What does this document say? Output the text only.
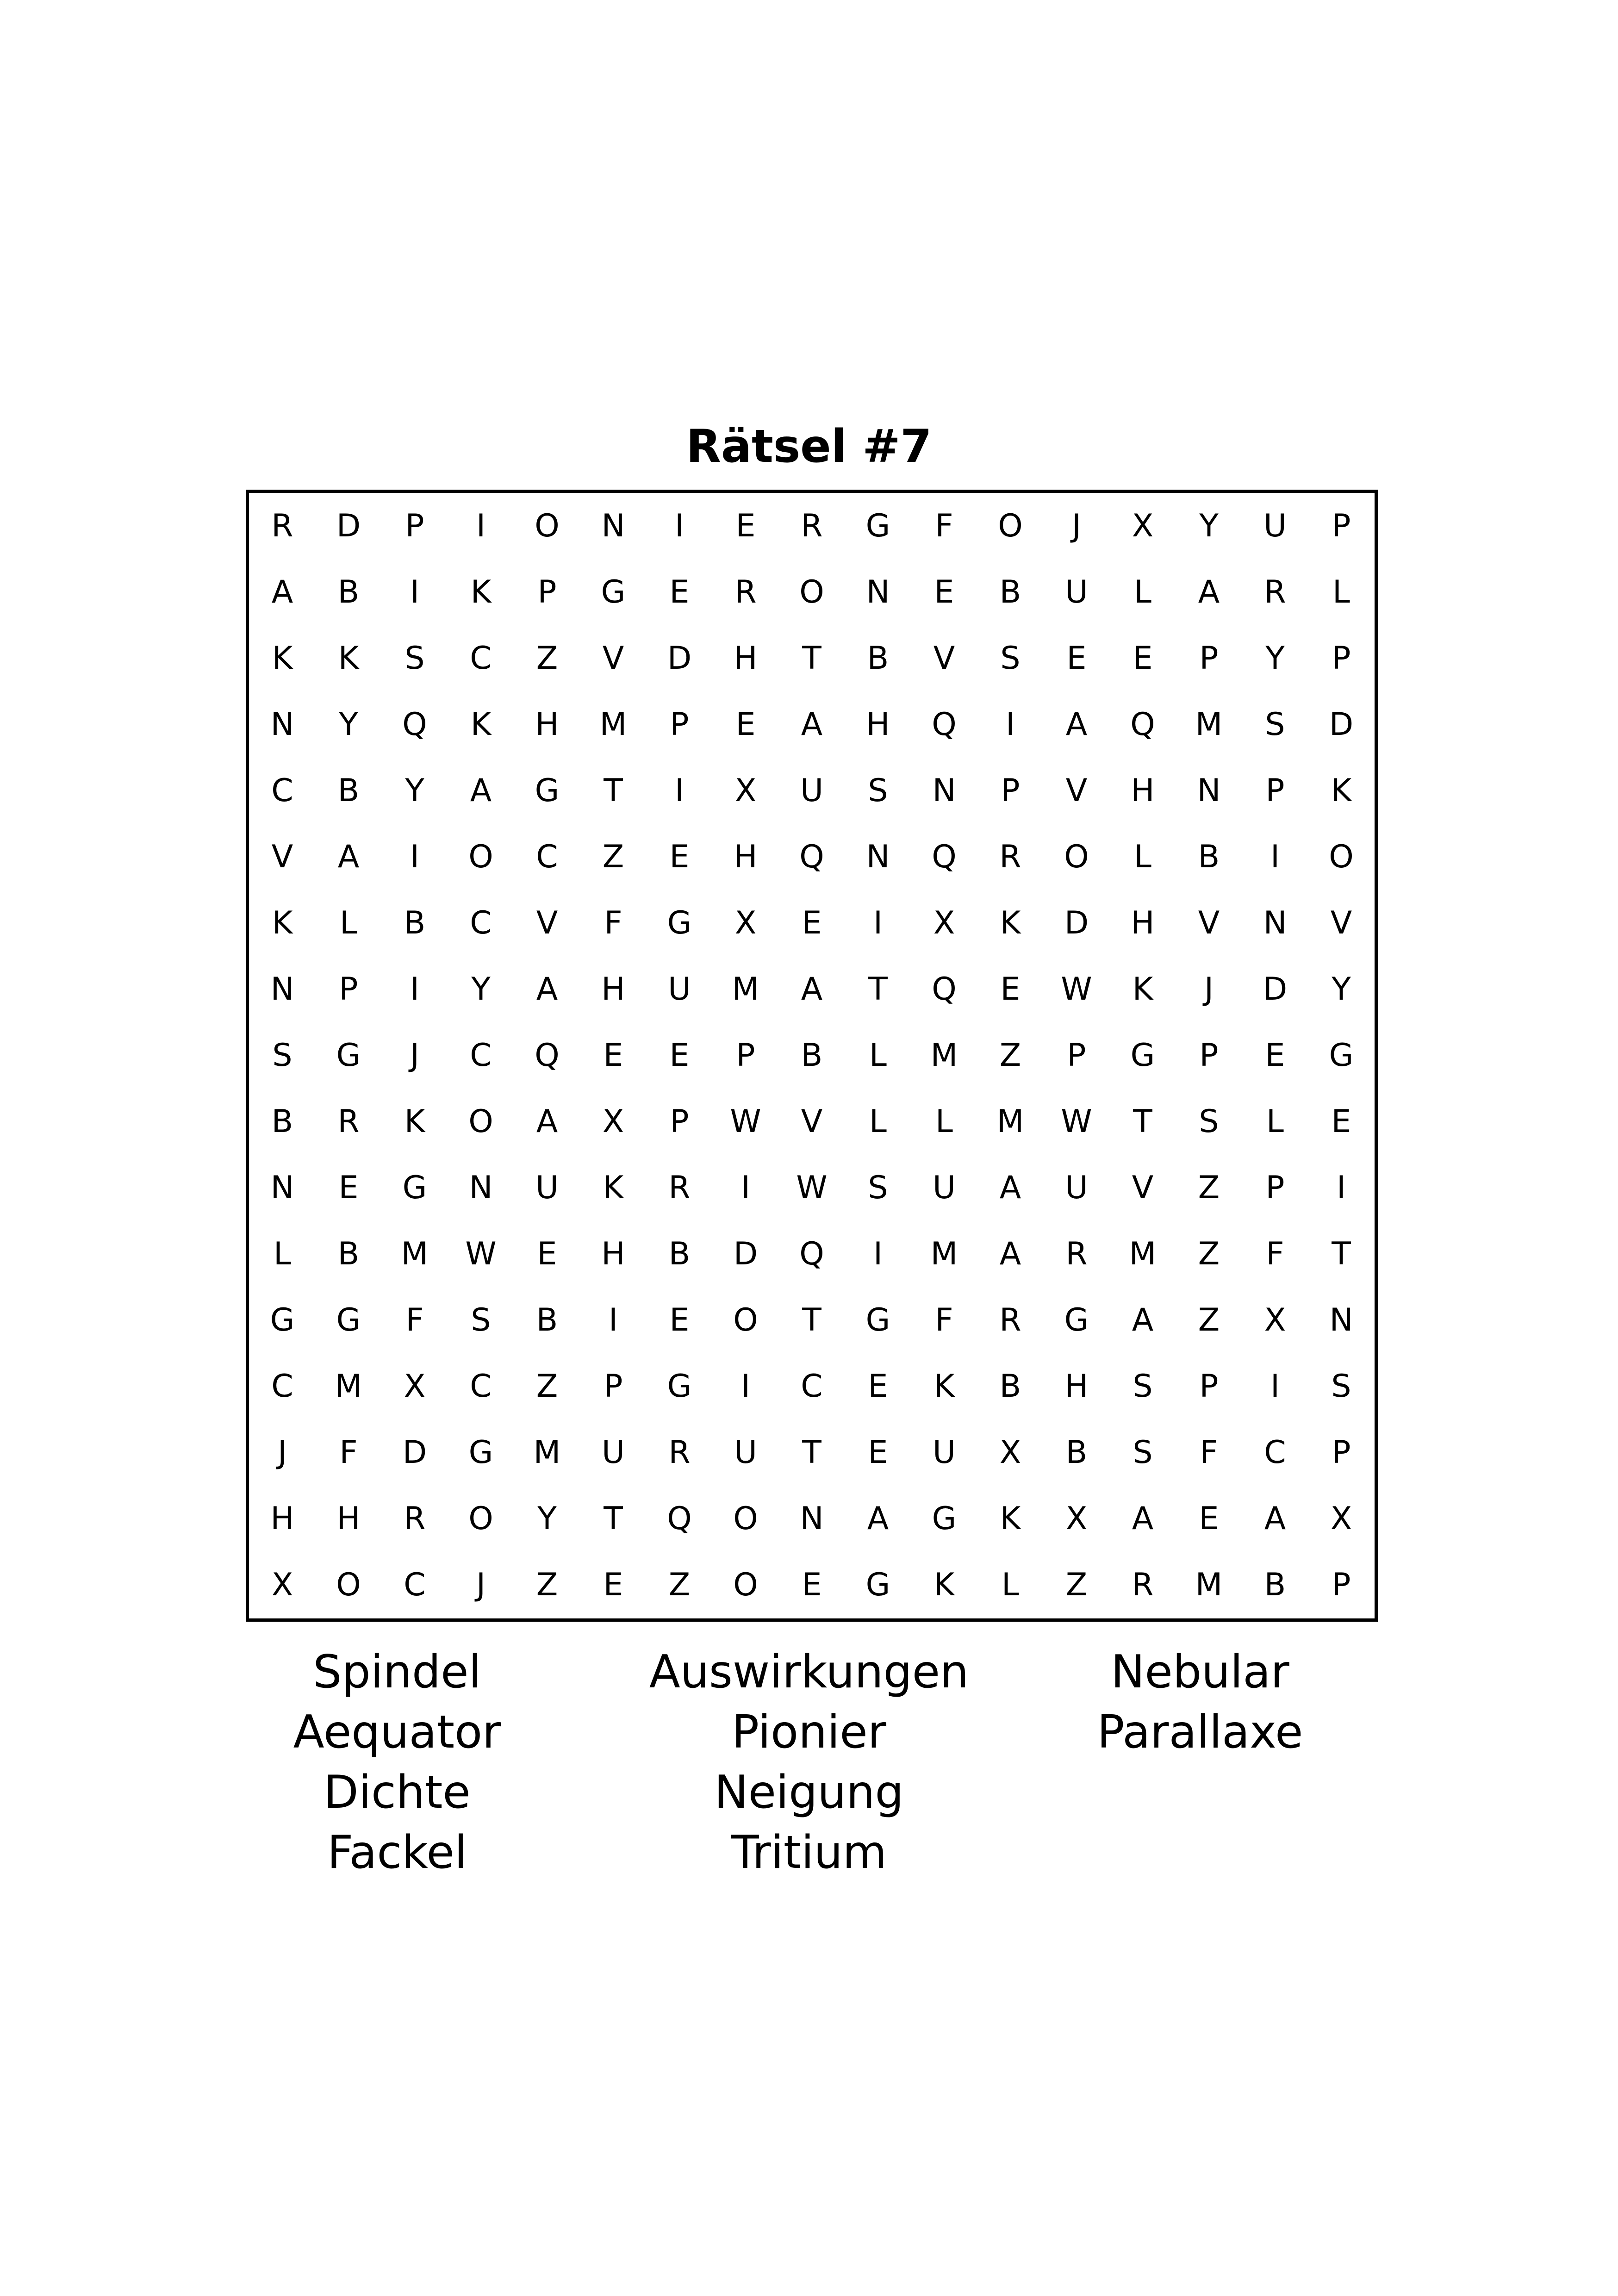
Rätsel #7
R	D	P	I	O	N	I	E	R	G	F	O	J	X	Y	U	P
A	B	I	K	P	G	E	R	O	N	E	B	U	L	A	R	L
K	K	S	C	Z	V	D	H	T	B	V	S	E	E	P	Y	P
N	Y	Q	K	H	M	P	E	A	H	Q	I	A	Q	M	S	D
C	B	Y	A	G	T	I	X	U	S	N	P	V	H	N	P	K
V	A	I	O	C	Z	E	H	Q	N	Q	R	O	L	B	I	O
K	L	B	C	V	F	G	X	E	I	X	K	D	H	V	N	V
N	P	I	Y	A	H	U	M	A	T	Q	E	W	K	J	D	Y
S	G	J	C	Q	E	E	P	B	L	M	Z	P	G	P	E	G
B	R	K	O	A	X	P	W	V	L	L	M	W	T	S	L	E
N	E	G	N	U	K	R	I	W	S	U	A	U	V	Z	P	I
L	B	M	W	E	H	B	D	Q	I	M	A	R	M	Z	F	T
G	G	F	S	B	I	E	O	T	G	F	R	G	A	Z	X	N
C	M	X	C	Z	P	G	I	C	E	K	B	H	S	P	I	S
J	F	D	G	M	U	R	U	T	E	U	X	B	S	F	C	P
H	H	R	O	Y	T	Q	O	N	A	G	K	X	A	E	A	X
X	O	C	J	Z	E	Z	O	E	G	K	L	Z	R	M	B	P
Spindel
Aequator
Dichte
Fackel
Auswirkungen
Pionier
Neigung
Tritium
Nebular
Parallaxe
